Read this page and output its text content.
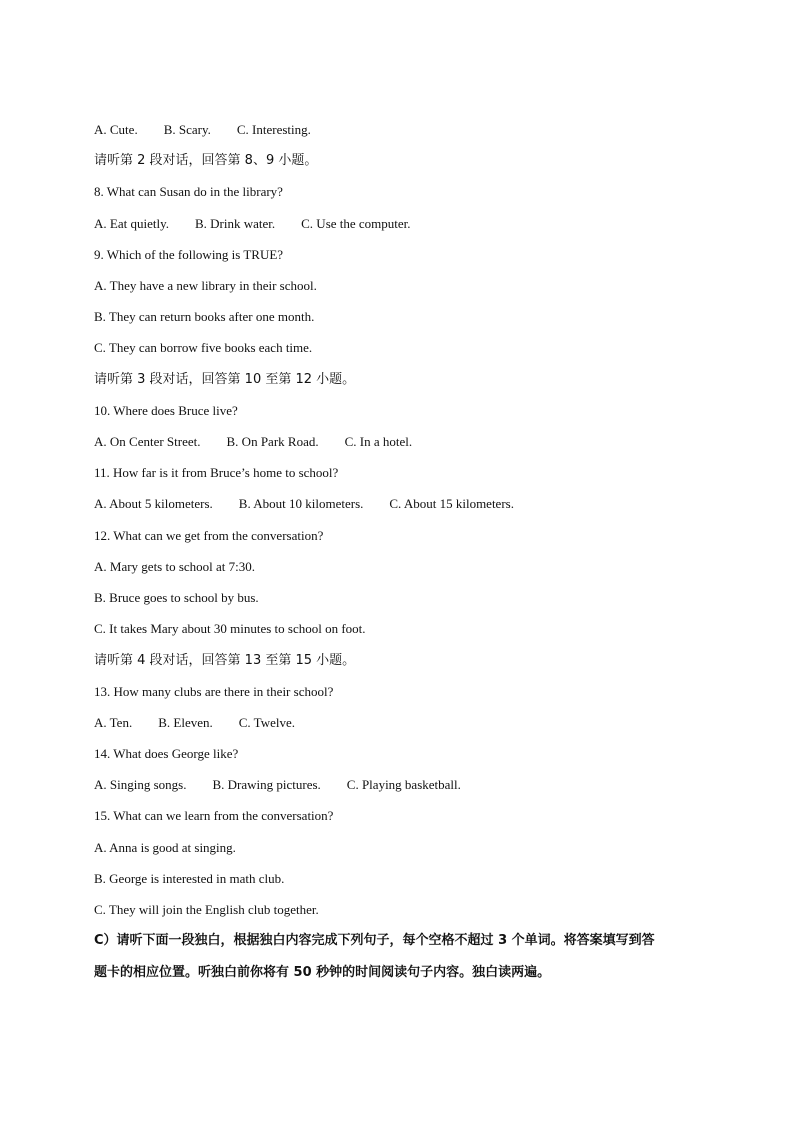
A. Cute. B. Scary. C. Interesting.
请听第 2 段对话，回答第 8、9 小题。
8. What can Susan do in the library?
A. Eat quietly. B. Drink water. C. Use the computer.
9. Which of the following is TRUE?
A. They have a new library in their school.
B. They can return books after one month.
C. They can borrow five books each time.
请听第 3 段对话，回答第 10 至第 12 小题。
10. Where does Bruce live?
A. On Center Street. B. On Park Road. C. In a hotel.
11. How far is it from Bruce’s home to school?
A. About 5 kilometers. B. About 10 kilometers. C. About 15 kilometers.
12. What can we get from the conversation?
A. Mary gets to school at 7:30.
B. Bruce goes to school by bus.
C. It takes Mary about 30 minutes to school on foot.
请听第 4 段对话，回答第 13 至第 15 小题。
13. How many clubs are there in their school?
A. Ten. B. Eleven. C. Twelve.
14. What does George like?
A. Singing songs. B. Drawing pictures. C. Playing basketball.
15. What can we learn from the conversation?
A. Anna is good at singing.
B. George is interested in math club.
C. They will join the English club together.
C）请听下面一段独白，根据独白内容完成下列句子，每个空格不超过 3 个单词。将答案填写到答
题卡的相应位置。听独白前你将有 50 秒钟的时间阅读句子内容。独白读两遍。
